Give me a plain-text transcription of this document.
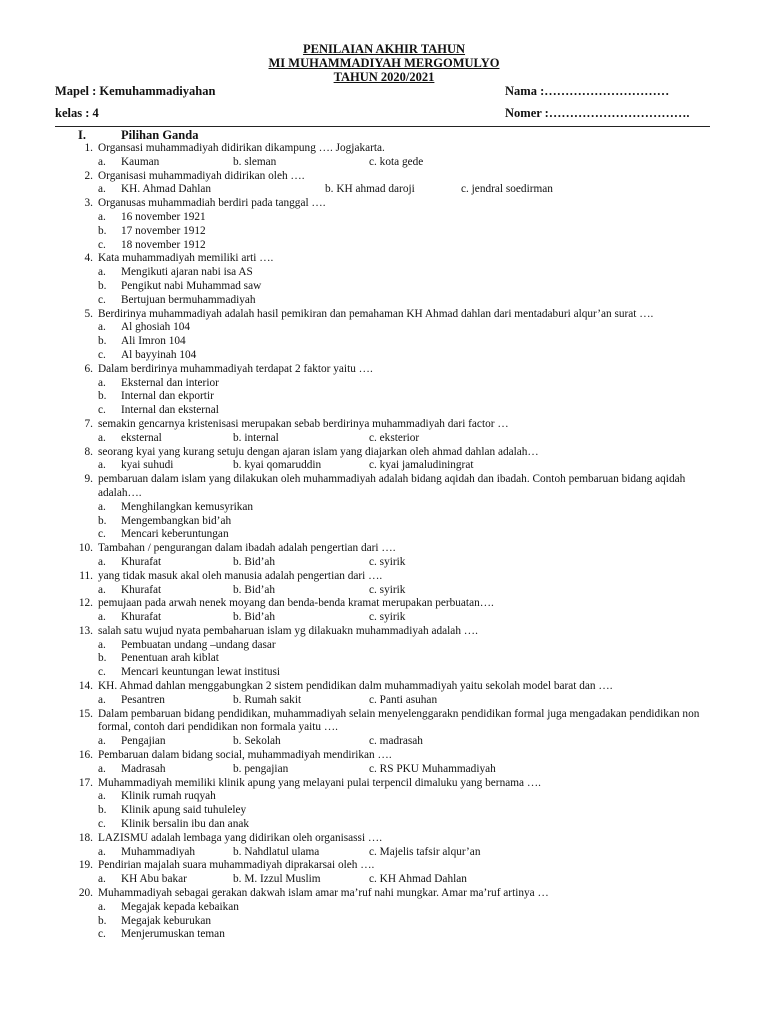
PENILAIAN AKHIR TAHUN
MI MUHAMMADIYAH MERGOMULYO
TAHUN 2020/2021
Mapel : Kemuhammadiyahan	Nama :…………………………
kelas : 4	Nomer :…………………………….
I.	Pilihan Ganda
1. Organsasi muhammadiyah didirikan dikampung …. Jogjakarta.
a. Kauman	b. sleman	c. kota gede
2. Organisasi muhammadiyah didirikan oleh ….
a. KH. Ahmad Dahlan	b. KH ahmad daroji	c. jendral soedirman
3. Organusas muhammadiah berdiri pada tanggal ….
a. 16 november 1921
b. 17 november 1912
c. 18 november 1912
4. Kata muhammadiyah memiliki arti ….
a. Mengikuti ajaran nabi isa AS
b. Pengikut nabi Muhammad saw
c. Bertujuan bermuhammadiyah
5. Berdirinya muhammadiyah adalah hasil pemikiran dan pemahaman KH Ahmad dahlan dari mentadaburi alqur’an surat ….
a. Al ghosiah 104
b. Ali Imron 104
c. Al bayyinah 104
6. Dalam berdirinya muhammadiyah terdapat 2 faktor yaitu ….
a. Eksternal dan interior
b. Internal dan ekportir
c. Internal dan eksternal
7. semakin gencarnya kristenisasi merupakan sebab berdirinya muhammadiyah dari factor …
a. eksternal	b. internal	c. eksterior
8. seorang kyai yang kurang setuju dengan ajaran islam yang diajarkan oleh ahmad dahlan adalah…
a. kyai suhudi	b. kyai qomaruddin	c. kyai jamaludiningrat
9. pembaruan dalam islam yang dilakukan oleh muhammadiyah adalah bidang aqidah dan ibadah. Contoh pembaruan bidang aqidah adalah….
a. Menghilangkan kemusyrikan
b. Mengembangkan bid’ah
c. Mencari keberuntungan
10. Tambahan / pengurangan dalam ibadah adalah pengertian dari ….
a. Khurafat	b. Bid’ah	c. syirik
11. yang tidak masuk akal oleh manusia adalah pengertian dari ….
a. Khurafat	b. Bid’ah	c. syirik
12. pemujaan pada arwah nenek moyang dan benda-benda kramat merupakan perbuatan….
a. Khurafat	b. Bid’ah	c. syirik
13. salah satu wujud nyata pembaharuan islam yg dilakuakn muhammadiyah adalah ….
a. Pembuatan undang –undang dasar
b. Penentuan arah kiblat
c. Mencari keuntungan lewat institusi
14. KH. Ahmad dahlan menggabungkan 2 sistem pendidikan dalm muhammadiyah yaitu sekolah model barat dan ….
a. Pesantren	b. Rumah sakit	c. Panti asuhan
15. Dalam pembaruan bidang pendidikan, muhammadiyah selain menyelenggarakn pendidikan formal juga mengadakan pendidikan non formal, contoh dari pendidikan non formala yaitu ….
a. Pengajian	b. Sekolah	c. madrasah
16. Pembaruan dalam bidang social, muhammadiyah mendirikan ….
a. Madrasah	b. pengajian	c. RS PKU Muhammadiyah
17. Muhammadiyah memiliki klinik apung yang melayani pulai terpencil dimaluku yang bernama ….
a. Klinik rumah ruqyah
b. Klinik apung said tuhuleley
c. Klinik bersalin ibu dan anak
18. LAZISMU adalah lembaga yang didirikan oleh organisassi ….
a. Muhammadiyah	b. Nahdlatul ulama	c. Majelis tafsir alqur’an
19. Pendirian majalah suara muhammadiyah diprakarsai oleh ….
a. KH Abu bakar	b. M. Izzul Muslim	c. KH Ahmad Dahlan
20. Muhammadiyah sebagai gerakan dakwah islam amar ma’ruf nahi mungkar. Amar ma’ruf artinya …
a. Megajak kepada kebaikan
b. Megajak keburukan
c. Menjerumuskan teman
